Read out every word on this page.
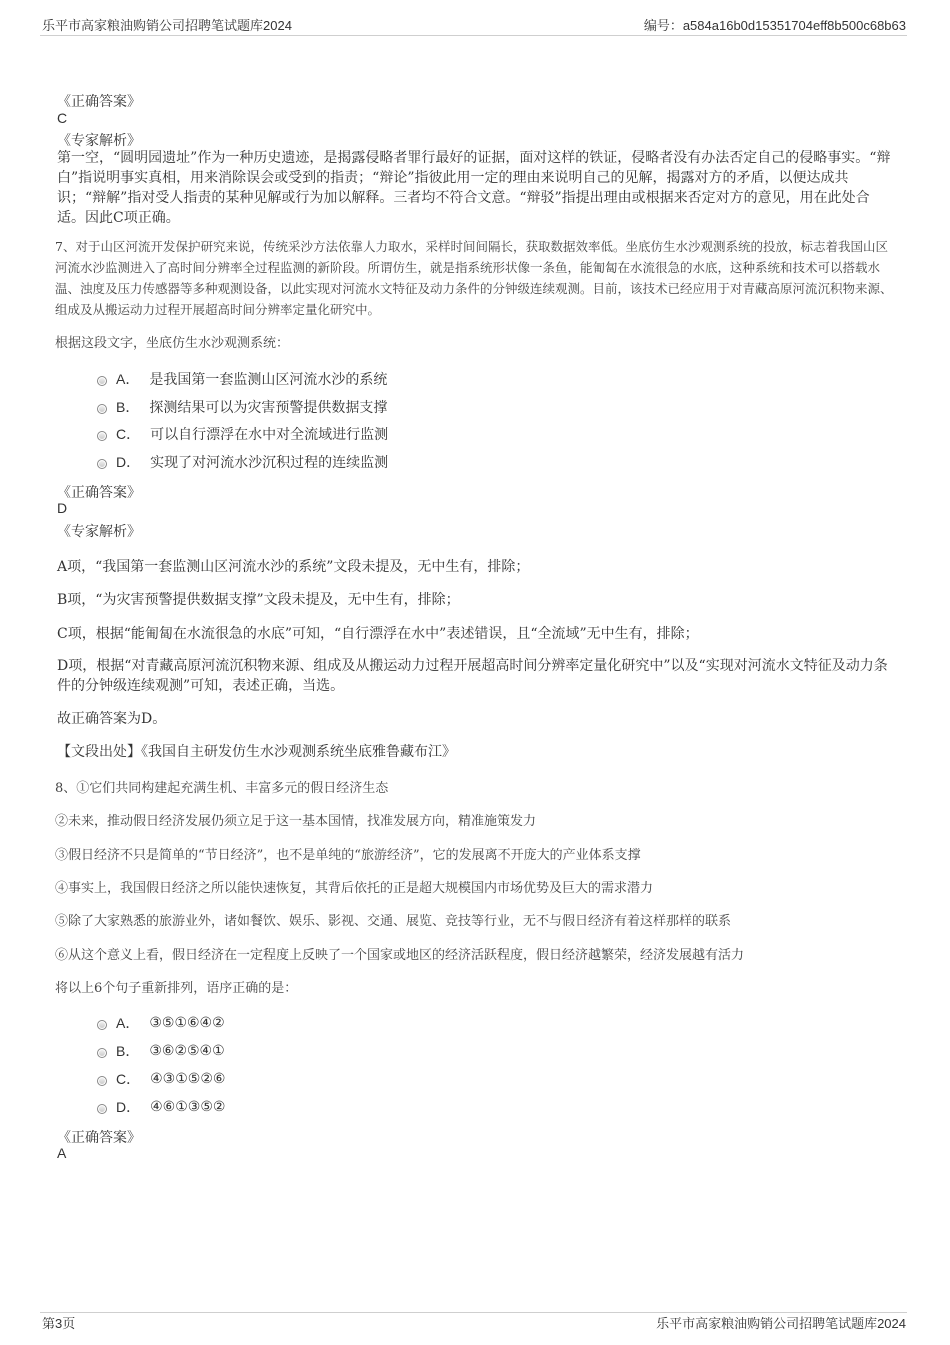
乐平市高家粮油购销公司招聘笔试题库2024	编号：a584a16b0d15351704eff8b500c68b63
《正确答案》
C
《专家解析》
第一空，“圆明园遗址”作为一种历史遗迹，是揭露侵略者罪行最好的证据，面对这样的铁证，侵略者没有办法否定自己的侵略事实。“辩白”指说明事实真相，用来消除误会或受到的指责；“辩论”指彼此用一定的理由来说明自己的见解，揭露对方的矛盾，以便达成共识；“辩解”指对受人指责的某种见解或行为加以解释。三者均不符合文意。“辩驳”指提出理由或根据来否定对方的意见，用在此处合适。因此C项正确。
7、对于山区河流开发保护研究来说，传统采沙方法依靠人力取水，采样时间间隔长，获取数据效率低。坐底仿生水沙观测系统的投放，标志着我国山区河流水沙监测进入了高时间分辨率全过程监测的新阶段。所谓仿生，就是指系统形状像一条鱼，能匍匐在水流很急的水底，这种系统和技术可以搭载水温、浊度及压力传感器等多种观测设备，以此实现对河流水文特征及动力条件的分钟级连续观测。目前，该技术已经应用于对青藏高原河流沉积物来源、组成及从搬运动力过程开展超高时间分辨率定量化研究中。
根据这段文字，坐底仿生水沙观测系统：
A． 是我国第一套监测山区河流水沙的系统
B． 探测结果可以为灾害预警提供数据支撑
C． 可以自行漂浮在水中对全流域进行监测
D． 实现了对河流水沙沉积过程的连续监测
《正确答案》
D
《专家解析》
A项，“我国第一套监测山区河流水沙的系统”文段未提及，无中生有，排除；
B项，“为灾害预警提供数据支撑”文段未提及，无中生有，排除；
C项，根据“能匍匐在水流很急的水底”可知，“自行漂浮在水中”表述错误，且“全流域”无中生有，排除；
D项，根据“对青藏高原河流沉积物来源、组成及从搬运动力过程开展超高时间分辨率定量化研究中”以及“实现对河流水文特征及动力条件的分钟级连续观测”可知，表述正确，当选。
故正确答案为D。
【文段出处】《我国自主研发仿生水沙观测系统坐底雅鲁藏布江》
8、①它们共同构建起充满生机、丰富多元的假日经济生态
②未来，推动假日经济发展仍须立足于这一基本国情，找准发展方向，精准施策发力
③假日经济不只是简单的“节日经济”，也不是单纯的“旅游经济”，它的发展离不开庞大的产业体系支撑
④事实上，我国假日经济之所以能快速恢复，其背后依托的正是超大规模国内市场优势及巨大的需求潜力
⑤除了大家熟悉的旅游业外，诸如餐饮、娱乐、影视、交通、展览、竞技等行业，无不与假日经济有着这样那样的联系
⑥从这个意义上看，假日经济在一定程度上反映了一个国家或地区的经济活跃程度，假日经济越繁荣，经济发展越有活力
将以上6个句子重新排列，语序正确的是：
A． ③⑤①⑥④②
B． ③⑥②⑤④①
C． ④③①⑤②⑥
D． ④⑥①③⑤②
《正确答案》
A
第3页	乐平市高家粮油购销公司招聘笔试题库2024
